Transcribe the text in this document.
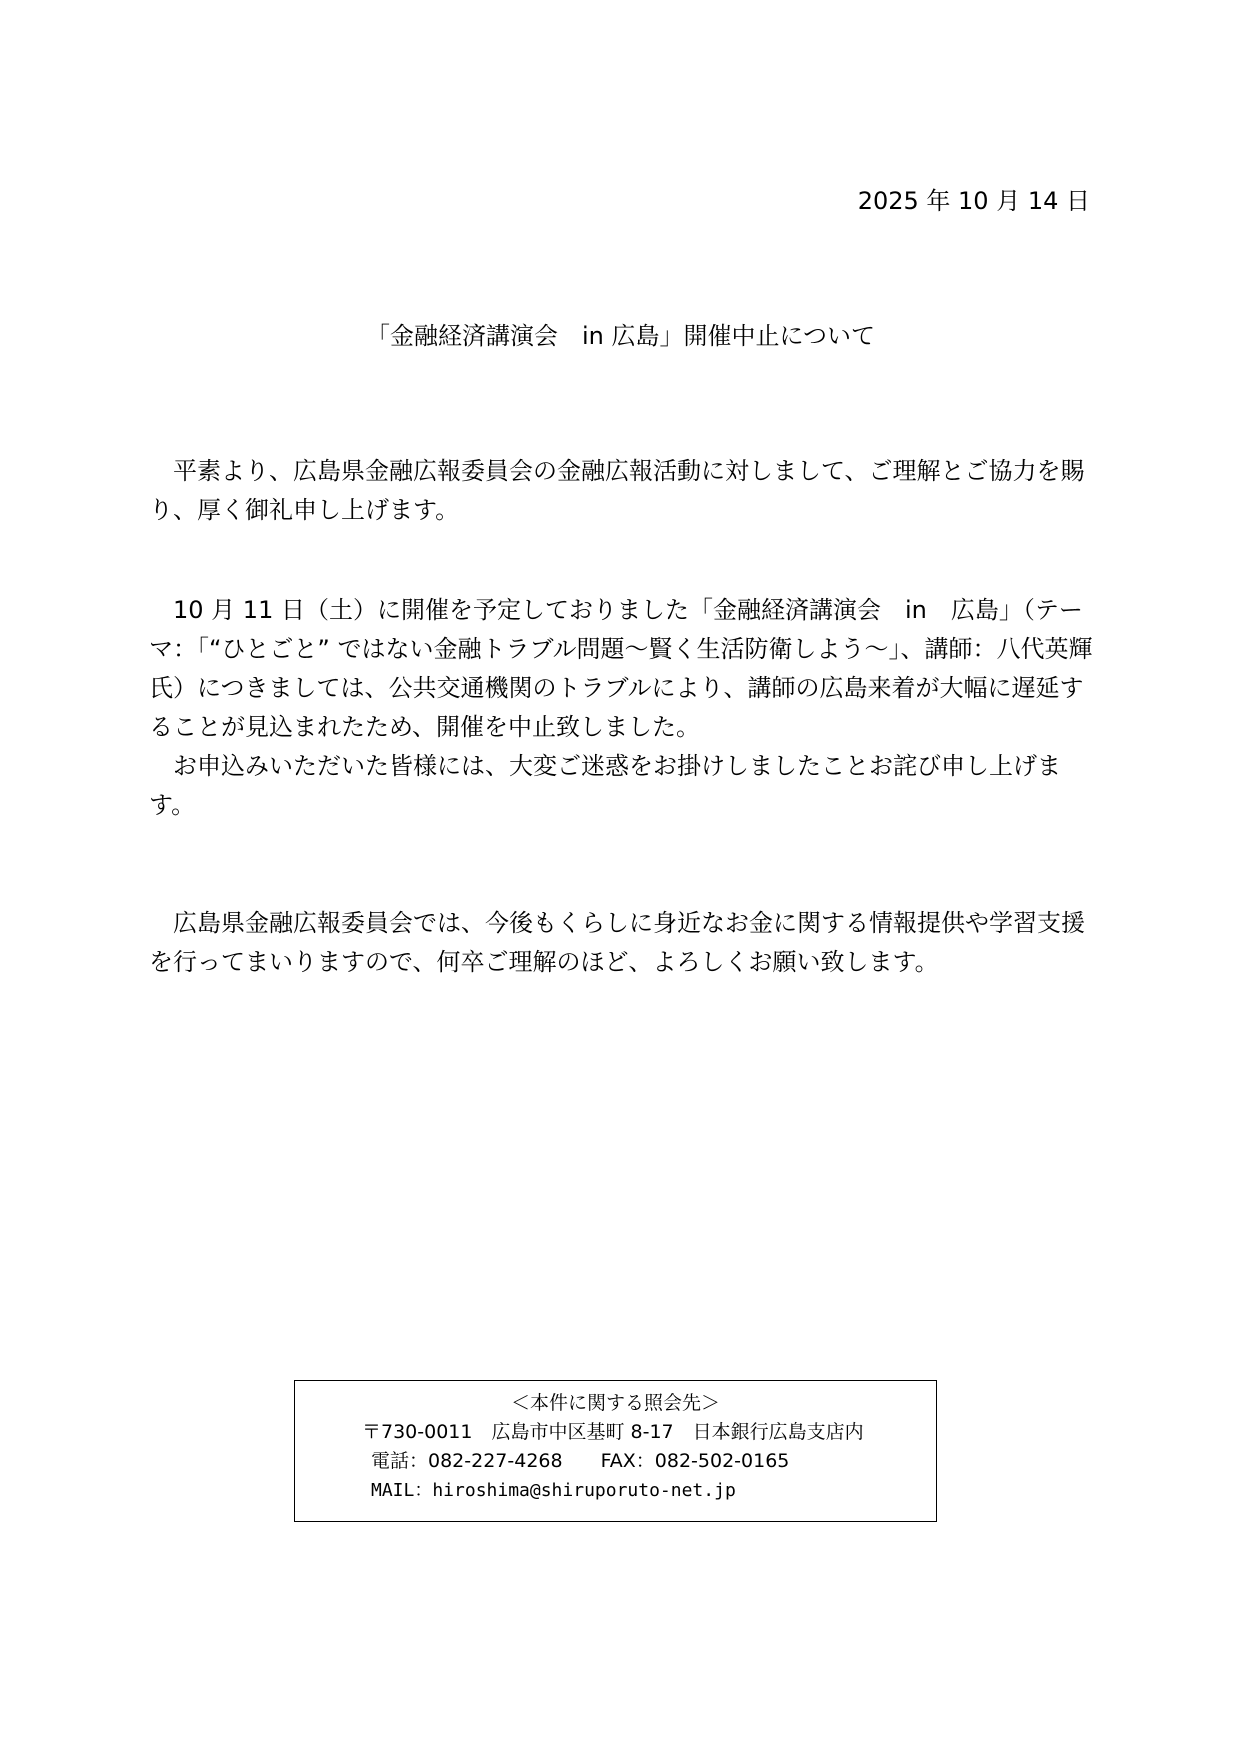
2025 年 10 月 14 日
「金融経済講演会　in 広島」開催中止について

平素より、広島県金融広報委員会の金融広報活動に対しまして、ご理解とご協力を賜り、厚く御礼申し上げます。

10 月 11 日（土）に開催を予定しておりました「金融経済講演会　in　広島」（テーマ：「“ひとごと” ではない金融トラブル問題～賢く生活防衛しよう～」、講師：八代英輝氏）につきましては、公共交通機関のトラブルにより、講師の広島来着が大幅に遅延することが見込まれたため、開催を中止致しました。

お申込みいただいた皆様には、大変ご迷惑をお掛けしましたことお詫び申し上げます。

広島県金融広報委員会では、今後もくらしに身近なお金に関する情報提供や学習支援を行ってまいりますので、何卒ご理解のほど、よろしくお願い致します。

＜本件に関する照会先＞
〒730-0011　広島市中区基町 8-17　日本銀行広島支店内
電話：082-227-4268　　FAX：082-502-0165
MAIL：hiroshima@shiruporuto-net.jp
